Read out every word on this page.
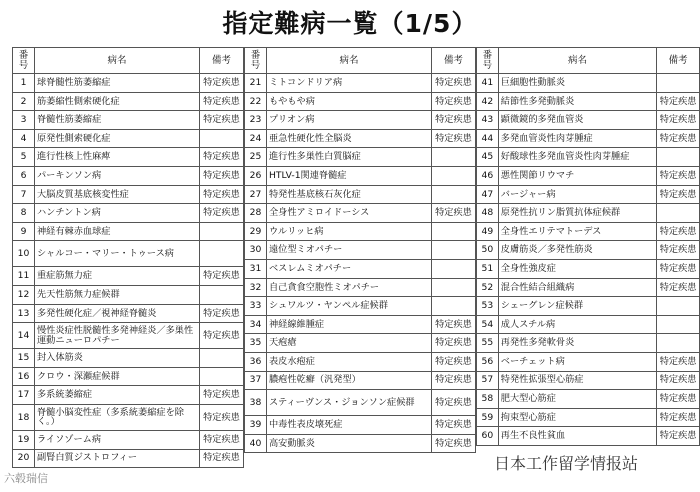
指定難病一覧（1/5）
番号	病名	備考
1	球脊髄性筋萎縮症	特定疾患
2	筋萎縮性側索硬化症	特定疾患
3	脊髄性筋萎縮症	特定疾患
4	原発性側索硬化症	
5	進行性核上性麻痺	特定疾患
6	パーキンソン病	特定疾患
7	大脳皮質基底核変性症	特定疾患
8	ハンチントン病	特定疾患
9	神経有棘赤血球症	
10	シャルコー・マリー・トゥース病	
11	重症筋無力症	特定疾患
12	先天性筋無力症候群	
13	多発性硬化症／視神経脊髄炎	特定疾患
14	慢性炎症性脱髄性多発神経炎／多巣性運動ニューロパチー	特定疾患
15	封入体筋炎	
16	クロウ・深瀬症候群	
17	多系統萎縮症	特定疾患
18	脊髄小脳変性症（多系統萎縮症を除く。）	特定疾患
19	ライソゾーム病	特定疾患
20	副腎白質ジストロフィー	特定疾患
番号	病名	備考
21	ミトコンドリア病	特定疾患
22	もやもや病	特定疾患
23	プリオン病	特定疾患
24	亜急性硬化性全脳炎	特定疾患
25	進行性多巣性白質脳症	
26	HTLV-1関連脊髄症	
27	特発性基底核石灰化症	
28	全身性アミロイドーシス	特定疾患
29	ウルリッヒ病	
30	遠位型ミオパチー	
31	ベスレムミオパチー	
32	自己貪食空胞性ミオパチー	
33	シュワルツ・ヤンペル症候群	
34	神経線維腫症	特定疾患
35	天疱瘡	特定疾患
36	表皮水疱症	特定疾患
37	膿疱性乾癬（汎発型）	特定疾患
38	スティーヴンス・ジョンソン症候群	特定疾患
39	中毒性表皮壊死症	特定疾患
40	高安動脈炎	特定疾患
番号	病名	備考
41	巨細胞性動脈炎	
42	結節性多発動脈炎	特定疾患
43	顕微鏡的多発血管炎	特定疾患
44	多発血管炎性肉芽腫症	特定疾患
45	好酸球性多発血管炎性肉芽腫症	
46	悪性関節リウマチ	特定疾患
47	バージャー病	特定疾患
48	原発性抗リン脂質抗体症候群	
49	全身性エリテマトーデス	特定疾患
50	皮膚筋炎／多発性筋炎	特定疾患
51	全身性強皮症	特定疾患
52	混合性結合組織病	特定疾患
53	シェーグレン症候群	
54	成人スチル病	
55	再発性多発軟骨炎	
56	ベーチェット病	特定疾患
57	特発性拡張型心筋症	特定疾患
58	肥大型心筋症	特定疾患
59	拘束型心筋症	特定疾患
60	再生不良性貧血	特定疾患
六毂瑞信
日本工作留学情报站
